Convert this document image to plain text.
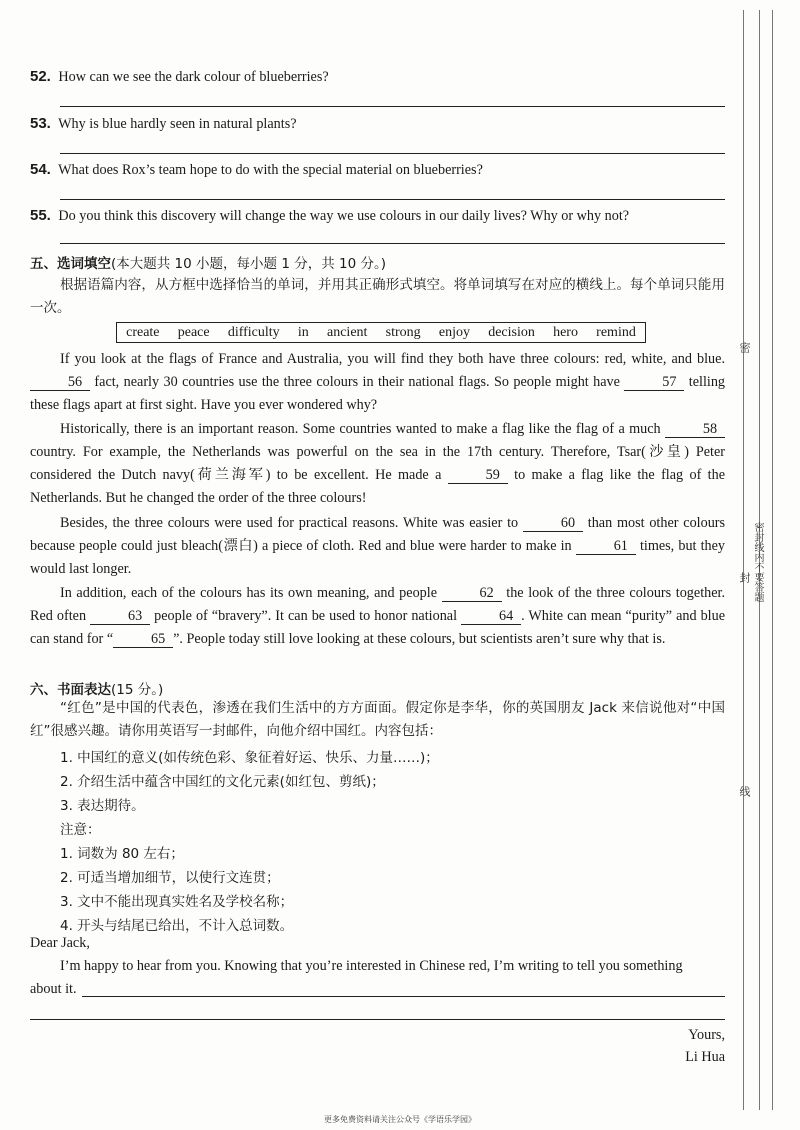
52. How can we see the dark colour of blueberries?
53. Why is blue hardly seen in natural plants?
54. What does Rox’s team hope to do with the special material on blueberries?
55. Do you think this discovery will change the way we use colours in our daily lives? Why or why not?
五、选词填空(本大题共 10 小题，每小题 1 分，共 10 分。)
根据语篇内容，从方框中选择恰当的单词，并用其正确形式填空。将单词填写在对应的横线上。每个单词只能用一次。
create peace difficulty in ancient strong enjoy decision hero remind
If you look at the flags of France and Australia, you will find they both have three colours: red, white, and blue. 56 fact, nearly 30 countries use the three colours in their national flags. So people might have	57 telling these flags apart at first sight. Have you ever wondered why?
Historically, there is an important reason. Some countries wanted to make a flag like the flag of a much	58 country. For example, the Netherlands was powerful on the sea in the 17th century. Therefore, Tsar(沙皇) Peter considered the Dutch navy(荷兰海军) to be excellent. He made a	59 to make a flag like the flag of the Netherlands. But he changed the order of the three colours!
Besides, the three colours were used for practical reasons. White was easier to	60 than most other colours because people could just bleach(漂白) a piece of cloth. Red and blue were harder to make in	61 times, but they would last longer.
In addition, each of the colours has its own meaning, and people	62 the look of the three colours together. Red often	63 people of “bravery”. It can be used to honor national	64 . White can mean “purity” and blue can stand for “	65 ”. People today still love looking at these colours, but scientists aren’t sure why that is.
六、书面表达(15 分。)
“红色”是中国的代表色，渗透在我们生活中的方方面面。假定你是李华，你的英国朋友 Jack 来信说他对“中国红”很感兴趣。请你用英语写一封邮件，向他介绍中国红。内容包括：
1. 中国红的意义(如传统色彩、象征着好运、快乐、力量……)；
2. 介绍生活中蕴含中国红的文化元素(如红包、剪纸)；
3. 表达期待。
注意：
1. 词数为 80 左右；
2. 可适当增加细节，以使行文连贯；
3. 文中不能出现真实姓名及学校名称；
4. 开头与结尾已给出，不计入总词数。
Dear Jack,
I’m happy to hear from you. Knowing that you’re interested in Chinese red, I’m writing to tell you something
about it.
Yours,
Li Hua
密
密封线内不要答题
封
线
更多免费资料请关注公众号《学语乐学园》
